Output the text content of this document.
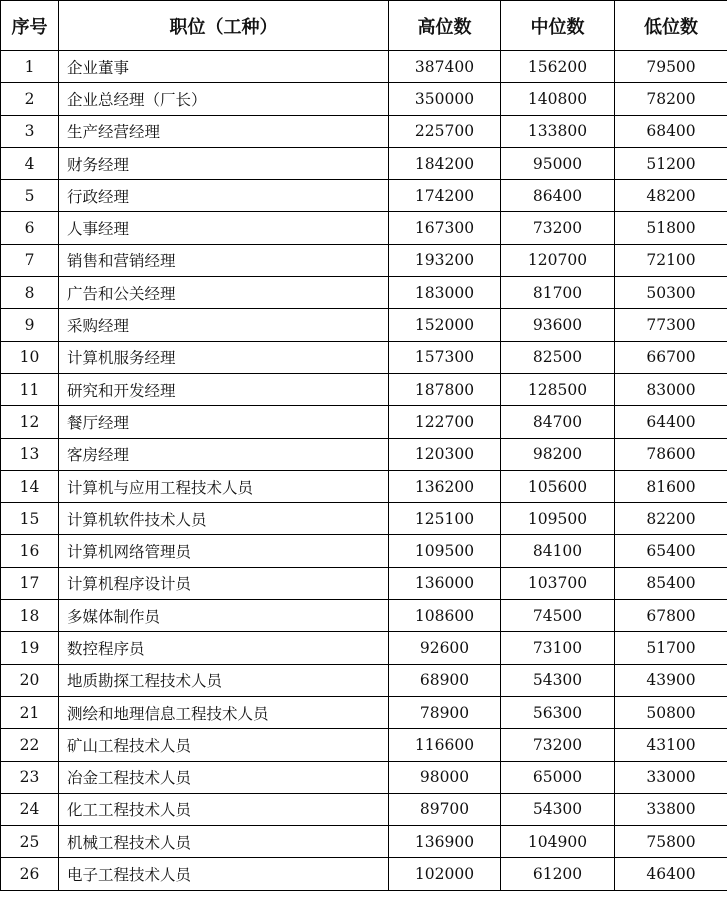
序号	职位（工种）	高位数	中位数	低位数
1	企业董事	387400	156200	79500
2	企业总经理（厂长）	350000	140800	78200
3	生产经营经理	225700	133800	68400
4	财务经理	184200	95000	51200
5	行政经理	174200	86400	48200
6	人事经理	167300	73200	51800
7	销售和营销经理	193200	120700	72100
8	广告和公关经理	183000	81700	50300
9	采购经理	152000	93600	77300
10	计算机服务经理	157300	82500	66700
11	研究和开发经理	187800	128500	83000
12	餐厅经理	122700	84700	64400
13	客房经理	120300	98200	78600
14	计算机与应用工程技术人员	136200	105600	81600
15	计算机软件技术人员	125100	109500	82200
16	计算机网络管理员	109500	84100	65400
17	计算机程序设计员	136000	103700	85400
18	多媒体制作员	108600	74500	67800
19	数控程序员	92600	73100	51700
20	地质勘探工程技术人员	68900	54300	43900
21	测绘和地理信息工程技术人员	78900	56300	50800
22	矿山工程技术人员	116600	73200	43100
23	冶金工程技术人员	98000	65000	33000
24	化工工程技术人员	89700	54300	33800
25	机械工程技术人员	136900	104900	75800
26	电子工程技术人员	102000	61200	46400
